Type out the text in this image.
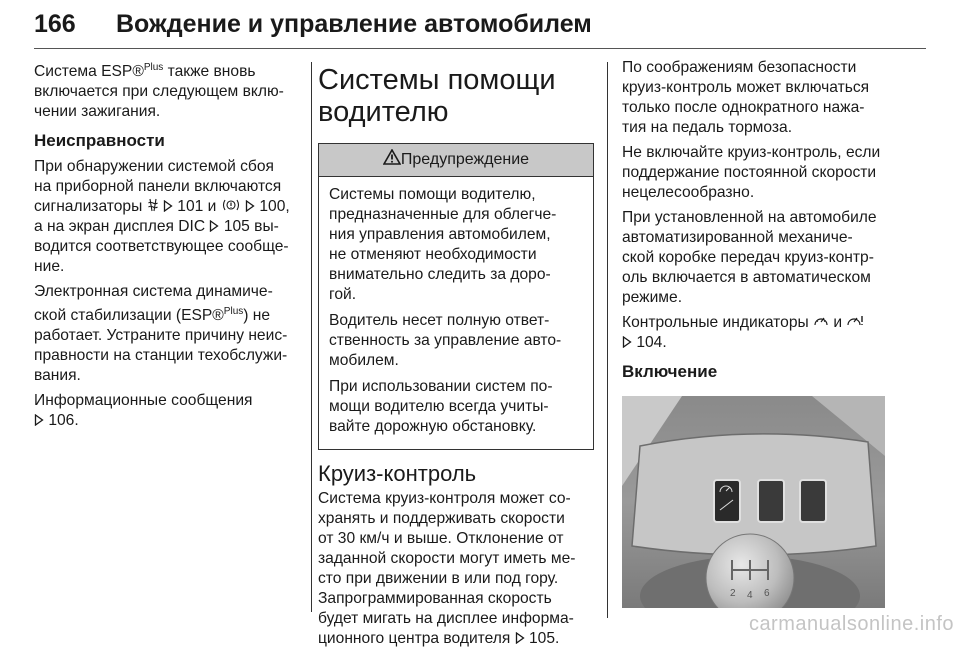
166 Вождение и управление автомобилем

Система ESP®$^{Plus}$ также вновь
включается при следующем вклю-
чении зажигания.

Неисправности

При обнаружении системой сбоя
на приборной панели включаются
сигнализаторы   101 и   100,
а на экран дисплея DIC  105 вы-
водится соответствующее сообще-
ние.

Электронная система динамиче-
ской стабилизации (ESP®$^{Plus}$) не
работает. Устраните причину неис-
правности на станции техобслужи-
вания.

Информационные сообщения
106.

Системы помощи
водителю
Предупреждение

Системы помощи водителю,
предназначенные для облегче-
ния управления автомобилем,
не отменяют необходимости
внимательно следить за доро-
гой.

Водитель несет полную ответ-
ственность за управление авто-
мобилем.

При использовании систем по-
мощи водителю всегда учиты-
вайте дорожную обстановку.

Круиз-контроль

Система круиз-контроля может со-
хранять и поддерживать скорости
от 30 км/ч и выше. Отклонение от
заданной скорости могут иметь ме-
сто при движении в или под гору.
Запрограммированная скорость
будет мигать на дисплее информа-
ционного центра водителя  105.

По соображениям безопасности
круиз-контроль может включаться
только после однократного нажа-
тия на педаль тормоза.

Не включайте круиз-контроль, если
поддержание постоянной скорости
нецелесообразно.

При установленной на автомобиле
автоматизированной механиче-
ской коробке передач круиз-контр-
оль включается в автоматическом
режиме.

Контрольные индикаторы  и
104.

Включение
2 4 6
carmanualsonline.info
